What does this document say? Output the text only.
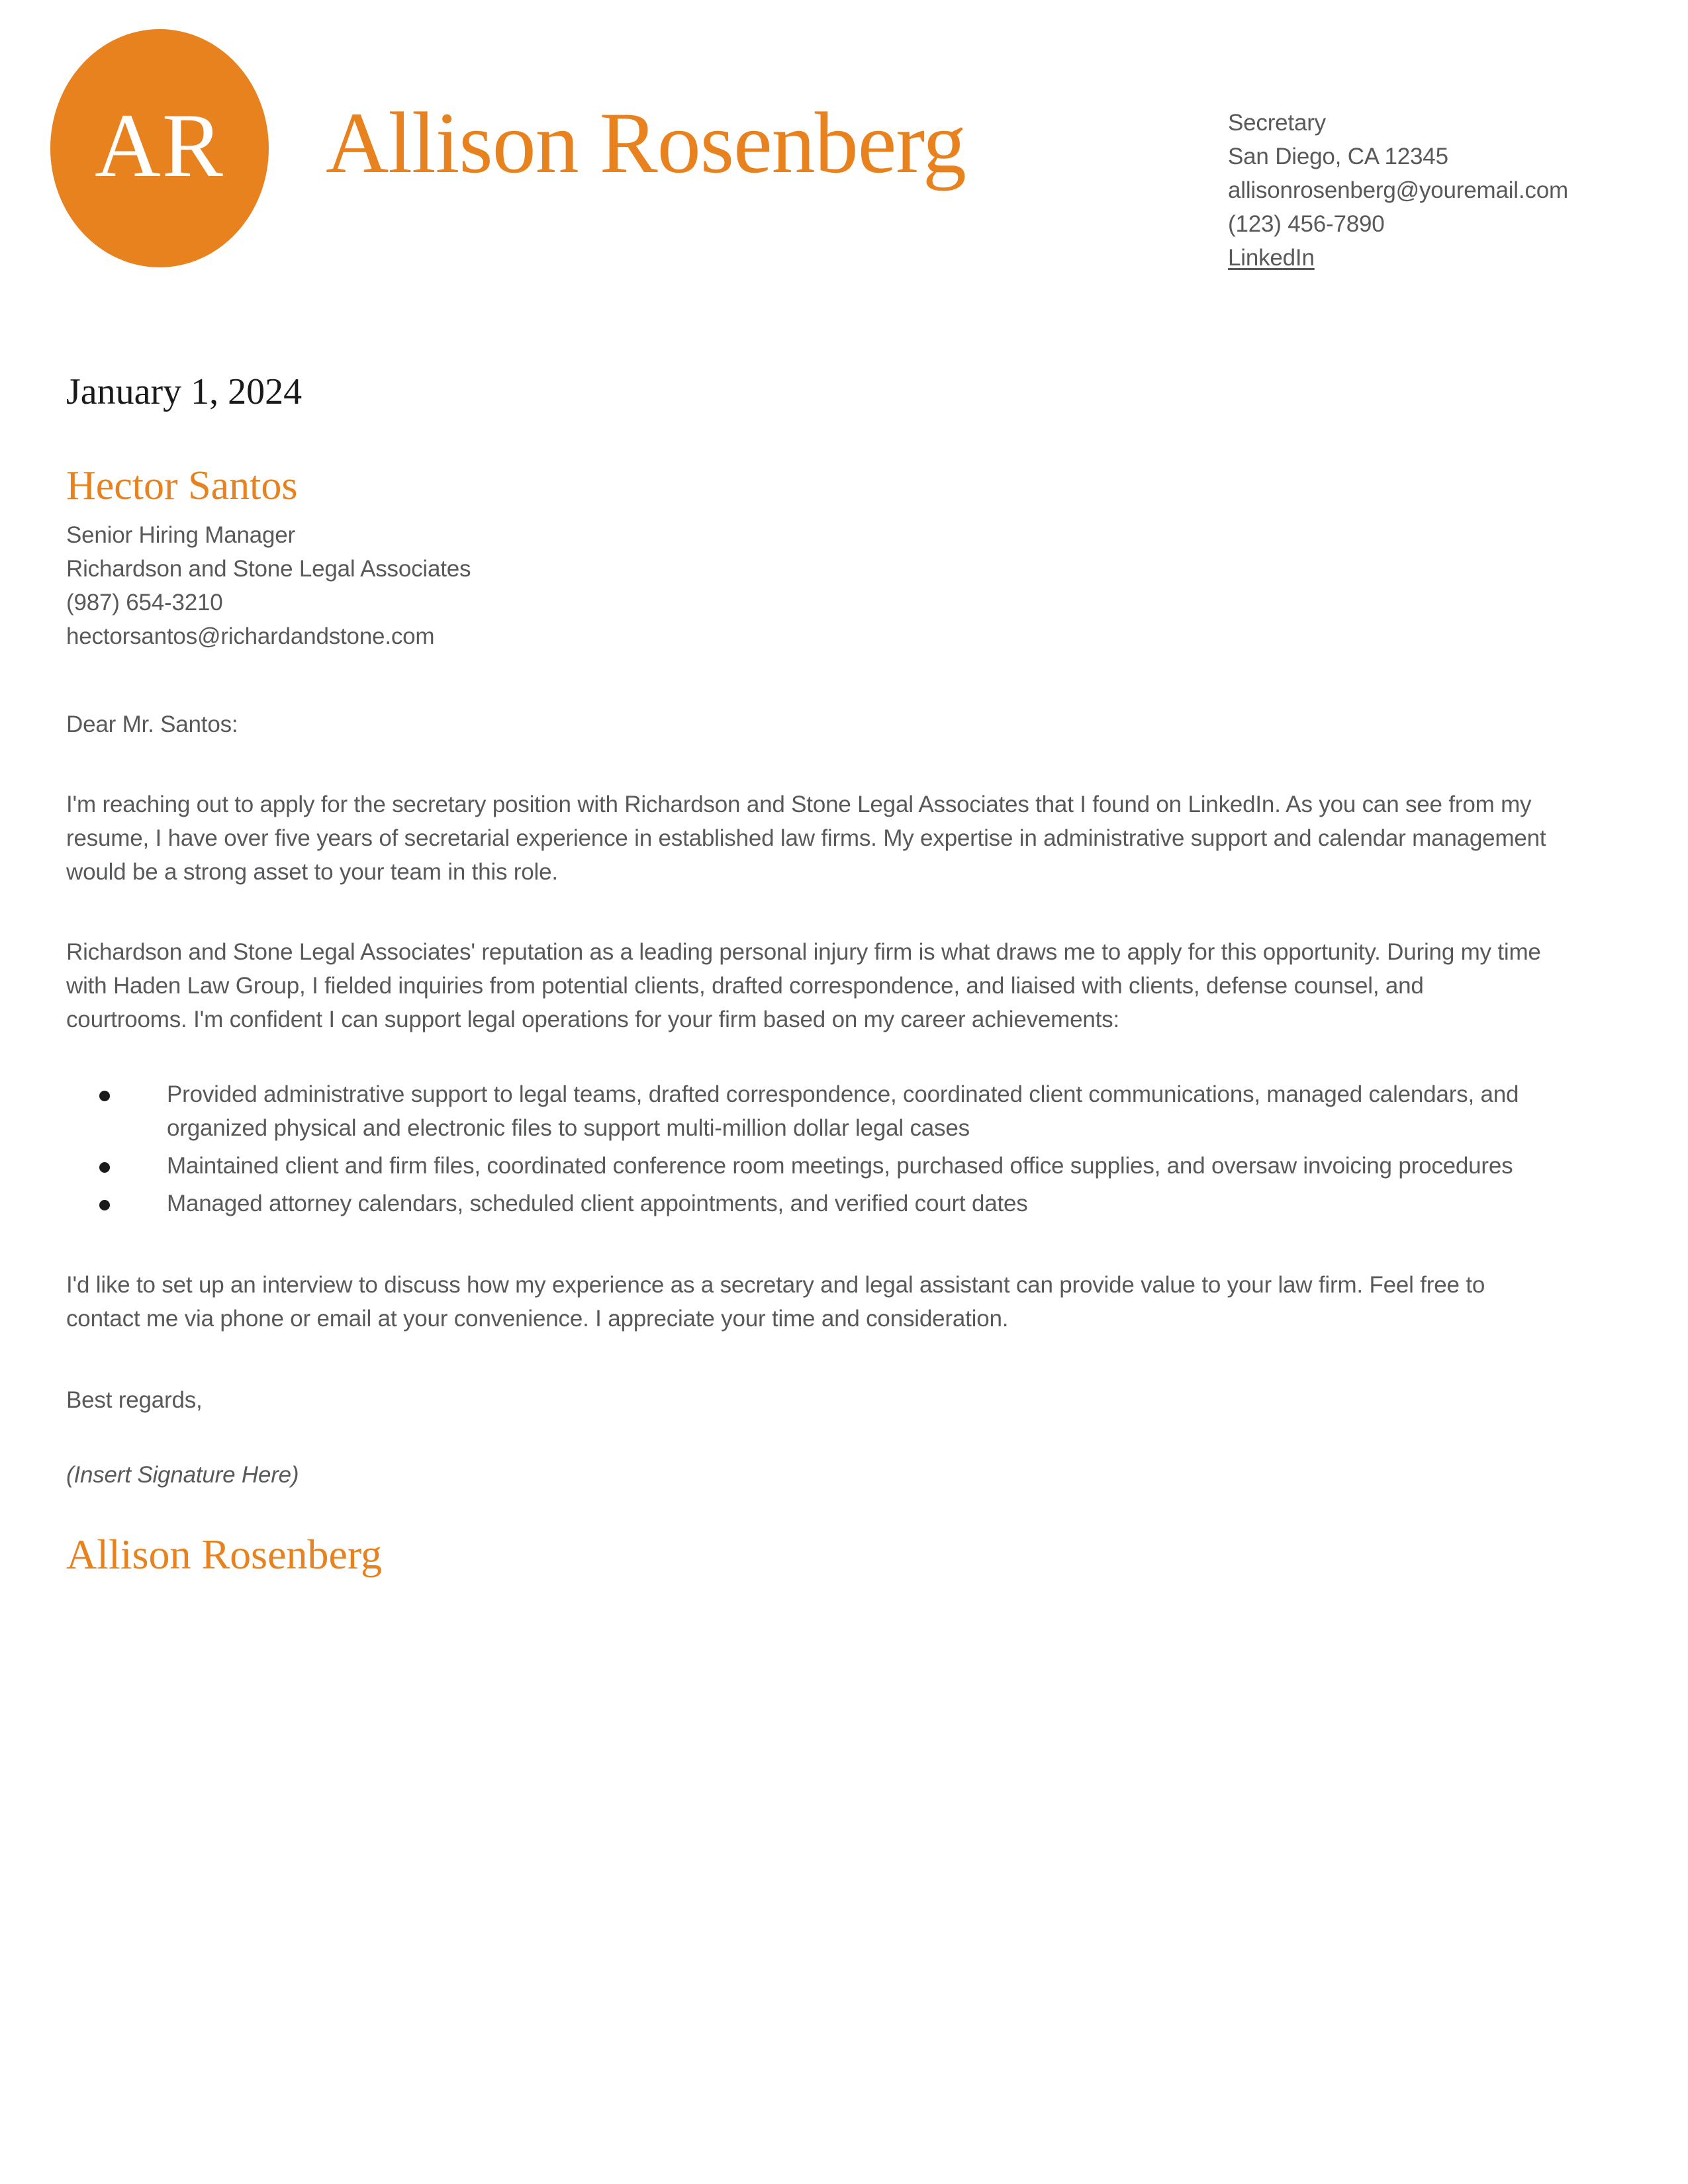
AR Allison Rosenberg	Secretary
San Diego, CA 12345
allisonrosenberg@youremail.com
(123) 456-7890
LinkedIn
January 1, 2024
Hector Santos
Senior Hiring Manager
Richardson and Stone Legal Associates
(987) 654-3210
hectorsantos@richardandstone.com
Dear Mr. Santos:
I'm reaching out to apply for the secretary position with Richardson and Stone Legal Associates that I found on LinkedIn. As you can see from my resume, I have over five years of secretarial experience in established law firms. My expertise in administrative support and calendar management would be a strong asset to your team in this role.
Richardson and Stone Legal Associates' reputation as a leading personal injury firm is what draws me to apply for this opportunity. During my time with Haden Law Group, I fielded inquiries from potential clients, drafted correspondence, and liaised with clients, defense counsel, and courtrooms. I'm confident I can support legal operations for your firm based on my career achievements:
Provided administrative support to legal teams, drafted correspondence, coordinated client communications, managed calendars, and organized physical and electronic files to support multi-million dollar legal cases
Maintained client and firm files, coordinated conference room meetings, purchased office supplies, and oversaw invoicing procedures
Managed attorney calendars, scheduled client appointments, and verified court dates
I'd like to set up an interview to discuss how my experience as a secretary and legal assistant can provide value to your law firm. Feel free to contact me via phone or email at your convenience. I appreciate your time and consideration.
Best regards,
(Insert Signature Here)
Allison Rosenberg
